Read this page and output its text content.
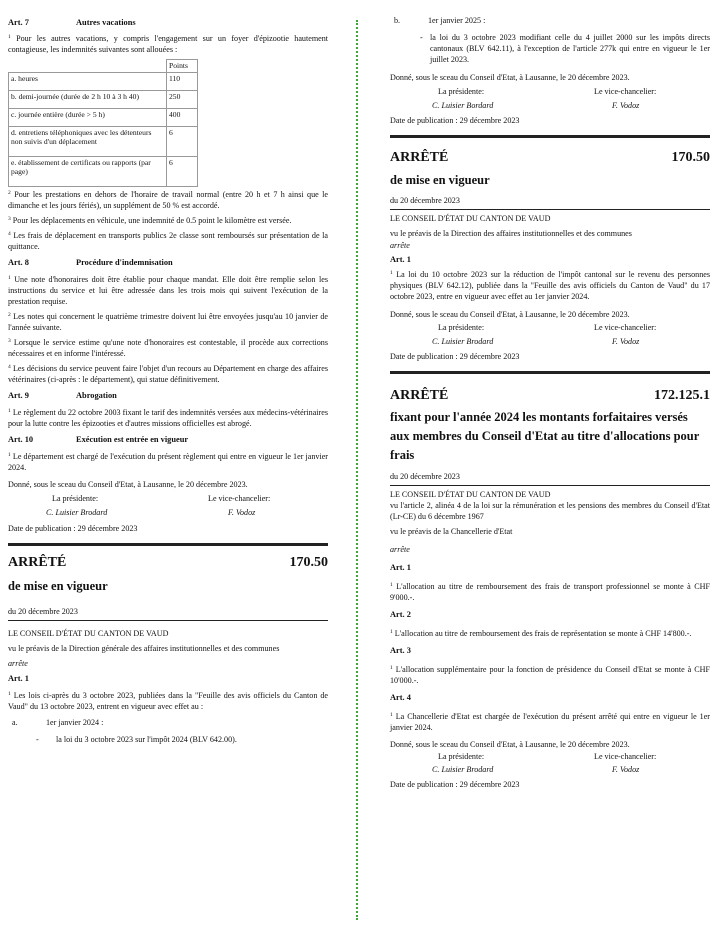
Art. 7	Autres vacations

$^1$ Pour les autres vacations, y compris l'engagement sur un foyer d'épizootie hautement contagieuse, les indemnités suivantes sont allouées :

	Points
a. heures	110
b. demi-journée (durée de 2 h 10 à 3 h 40)	250
c. journée entière (durée > 5 h)	400
d. entretiens téléphoniques avec les détenteurs non suivis d'un déplacement	6
e. établissement de certificats ou rapports (par page)	6

$^2$ Pour les prestations en dehors de l'horaire de travail normal (entre 20 h et 7 h ainsi que le dimanche et les jours fériés), un supplément de 50 % est accordé.

$^3$ Pour les déplacements en véhicule, une indemnité de 0.5 point le kilomètre est versée.

$^4$ Les frais de déplacement en transports publics 2e classe sont remboursés sur présentation de la quittance.

Art. 8	Procédure d'indemnisation

$^1$ Une note d'honoraires doit être établie pour chaque mandat. Elle doit être remplie selon les instructions du service et lui être adressée dans les trois mois qui suivent l'exécution de la prestation requise.

$^2$ Les notes qui concernent le quatrième trimestre doivent lui être envoyées jusqu'au 10 janvier de l'année suivante.

$^3$ Lorsque le service estime qu'une note d'honoraires est contestable, il procède aux corrections nécessaires et en informe l'intéressé.

$^4$ Les décisions du service peuvent faire l'objet d'un recours au Département en charge des affaires vétérinaires (ci-après : le département), qui statue définitivement.

Art. 9	Abrogation

$^1$ Le règlement du 22 octobre 2003 fixant le tarif des indemnités versées aux médecins-vétérinaires pour la lutte contre les épizooties et d'autres missions officielles est abrogé.

Art. 10	Exécution est entrée en vigueur

$^1$ Le département est chargé de l'exécution du présent règlement qui entre en vigueur le 1er janvier 2024.

Donné, sous le sceau du Conseil d'Etat, à Lausanne, le 20 décembre 2023.

La présidente:	Le vice-chancelier:
C. Luisier Brodard	F. Vodoz

Date de publication : 29 décembre 2023

ARRÊTÉ	170.50
de mise en vigueur

du 20 décembre 2023

LE CONSEIL D'ÉTAT DU CANTON DE VAUD

vu le préavis de la Direction générale des affaires institutionnelles et des communes

arrête

Art. 1

$^1$ Les lois ci-après du 3 octobre 2023, publiées dans la "Feuille des avis officiels du Canton de Vaud" du 13 octobre 2023, entrent en vigueur avec effet au :

a.	1er janvier 2024 :

-	la loi du 3 octobre 2023 sur l'impôt 2024 (BLV 642.00).

b.	1er janvier 2025 :

- la loi du 3 octobre 2023 modifiant celle du 4 juillet 2000 sur les impôts directs cantonaux (BLV 642.11), à l'exception de l'article 277k qui entre en vigueur le 1er juillet 2023.

Donné, sous le sceau du Conseil d'Etat, à Lausanne, le 20 décembre 2023.

La présidente:	Le vice-chancelier:
C. Luisier Bordard	F. Vodoz

Date de publication : 29 décembre 2023

ARRÊTÉ	170.50
de mise en vigueur

du 20 décembre 2023

LE CONSEIL D'ÉTAT DU CANTON DE VAUD

vu le préavis de la Direction des affaires institutionnelles et des communes

arrête

Art. 1

$^1$ La loi du 10 octobre 2023 sur la réduction de l'impôt cantonal sur le revenu des personnes physiques (BLV 642.12), publiée dans la "Feuille des avis officiels du Canton de Vaud" du 17 octobre 2023, entre en vigueur avec effet au 1er janvier 2024.

Donné, sous le sceau du Conseil d'Etat, à Lausanne, le 20 décembre 2023.

La présidente:	Le vice-chancelier:
C. Luisier Brodard	F. Vodoz

Date de publication : 29 décembre 2023

ARRÊTÉ	172.125.1
fixant pour l'année 2024 les montants forfaitaires versés aux membres du Conseil d'Etat au titre d'allocations pour frais

du 20 décembre 2023

LE CONSEIL D'ÉTAT DU CANTON DE VAUD

vu l'article 2, alinéa 4 de la loi sur la rémunération et les pensions des membres du Conseil d'Etat (Lr-CE) du 6 décembre 1967

vu le préavis de la Chancellerie d'Etat

arrête

Art. 1

$^1$ L'allocation au titre de remboursement des frais de transport professionnel se monte à CHF 9'000.-.

Art. 2

$^1$ L'allocation au titre de remboursement des frais de représentation se monte à CHF 14'800.-.

Art. 3

$^1$ L'allocation supplémentaire pour la fonction de présidence du Conseil d'Etat se monte à CHF 10'000.-.

Art. 4

$^1$ La Chancellerie d'Etat est chargée de l'exécution du présent arrêté qui entre en vigueur le 1er janvier 2024.

Donné, sous le sceau du Conseil d'Etat, à Lausanne, le 20 décembre 2023.

La présidente:	Le vice-chancelier:
C. Luisier Brodard	F. Vodoz

Date de publication : 29 décembre 2023
